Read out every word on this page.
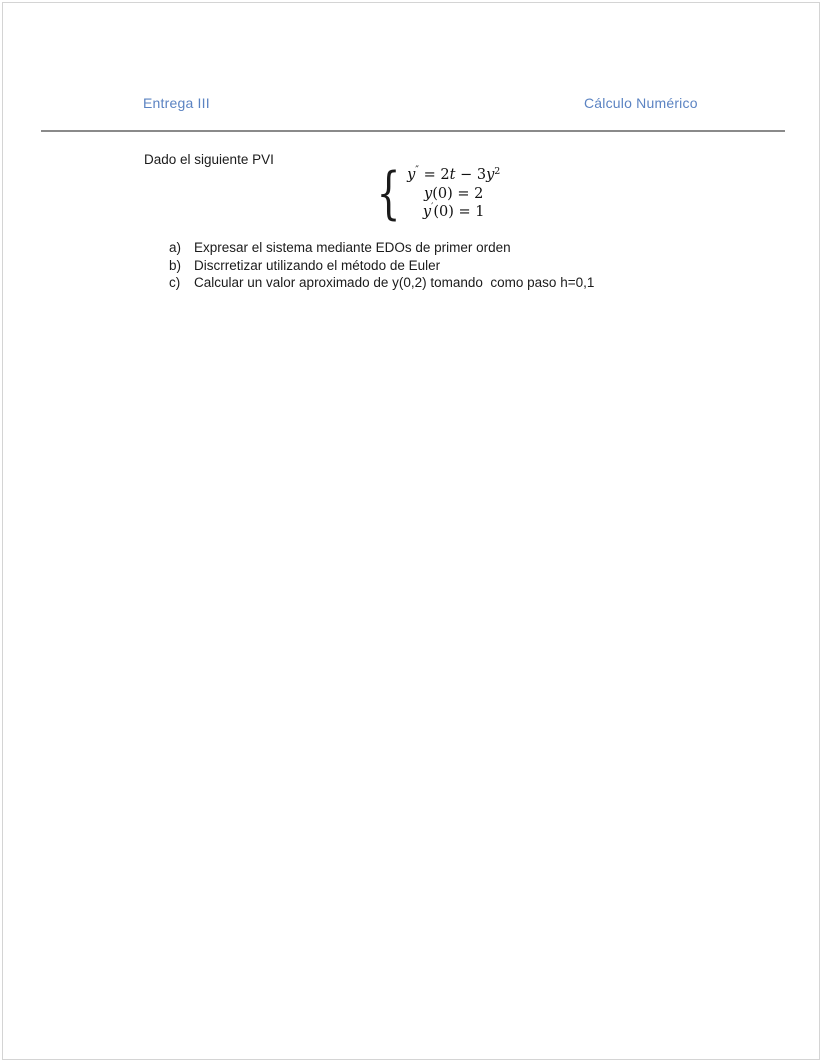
Entrega III	Cálculo Numérico
Dado el siguiente PVI
{ $y'' = 2t - 3y^2$
y(0) = 2
y′(0) = 1
a) Expresar el sistema mediante EDOs de primer orden
b) Discrretizar utilizando el método de Euler
c)	Calcular un valor aproximado de y(0,2) tomando  como paso h=0,1
